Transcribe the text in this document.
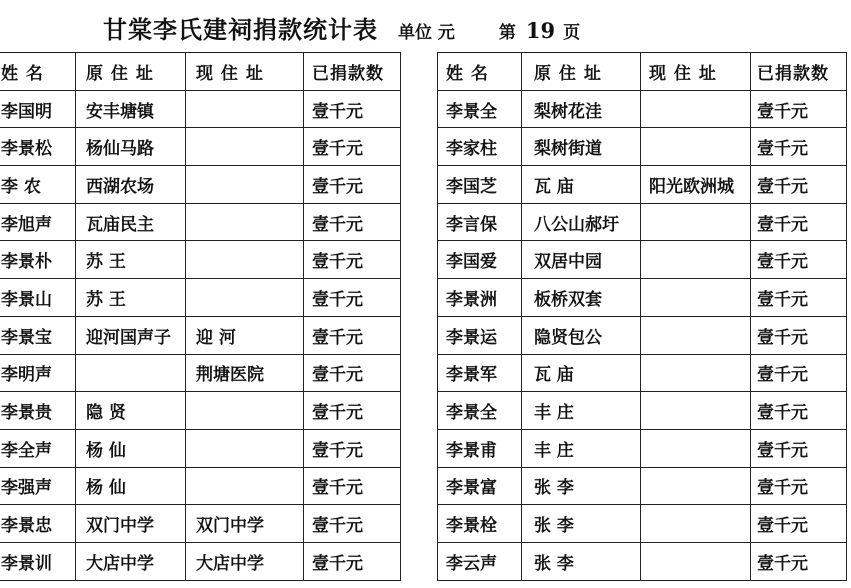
甘棠李氏建祠捐款统计表 单位 元	第 19 页
姓 名	原 住 址	现 住 址	已捐款数
李国明	安丰塘镇		壹千元
李景松	杨仙马路		壹千元
李 农	西湖农场		壹千元
李旭声	瓦庙民主		壹千元
李景朴	苏 王		壹千元
李景山	苏 王		壹千元
李景宝	迎河国声子	迎 河	壹千元
李明声		荆塘医院	壹千元
李景贵	隐 贤		壹千元
李全声	杨 仙		壹千元
李强声	杨 仙		壹千元
李景忠	双门中学	双门中学	壹千元
李景训	大店中学	大店中学	壹千元
姓 名	原 住 址	现 住 址	已捐款数
李景全	梨树花洼		壹千元
李家柱	梨树街道		壹千元
李国芝	瓦 庙	阳光欧洲城	壹千元
李言保	八公山郝圩		壹千元
李国爱	双居中园		壹千元
李景洲	板桥双套		壹千元
李景运	隐贤包公		壹千元
李景军	瓦 庙		壹千元
李景全	丰 庄		壹千元
李景甫	丰 庄		壹千元
李景富	张 李		壹千元
李景栓	张 李		壹千元
李云声	张 李		壹千元
